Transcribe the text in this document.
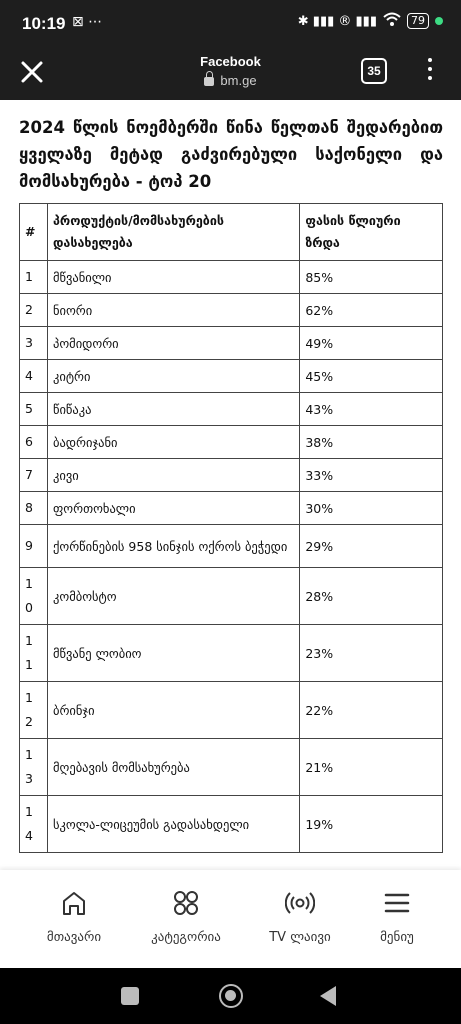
10:19 ⊠ ⋯	✱ ▮▮▮ ® ▮▮▮	79
Facebook
bm.ge
35
2024 წლის ნოემბერში წინა წელთან შედარებით ყველაზე მეტად გაძვირებული საქონელი და მომსახურება - ტოპ 20
#	პროდუქტის/მომსახურების დასახელება	ფასის წლიური ზრდა

1	მწვანილი	85%

2	ნიორი	62%

3	პომიდორი	49%

4	კიტრი	45%

5	წიწაკა	43%

6	ბადრიჯანი	38%

7	კივი	33%

8	ფორთოხალი	30%

9	ქორწინების 958 სინჯის ოქროს ბეჭედი	29%

10	კომბოსტო	28%

11	მწვანე ლობიო	23%

12	ბრინჯი	22%

13	მღებავის მომსახურება	21%

14	სკოლა-ლიცეუმის გადასახდელი	19%
მთავარი	კატეგორია	TV ლაივი	მენიუ
